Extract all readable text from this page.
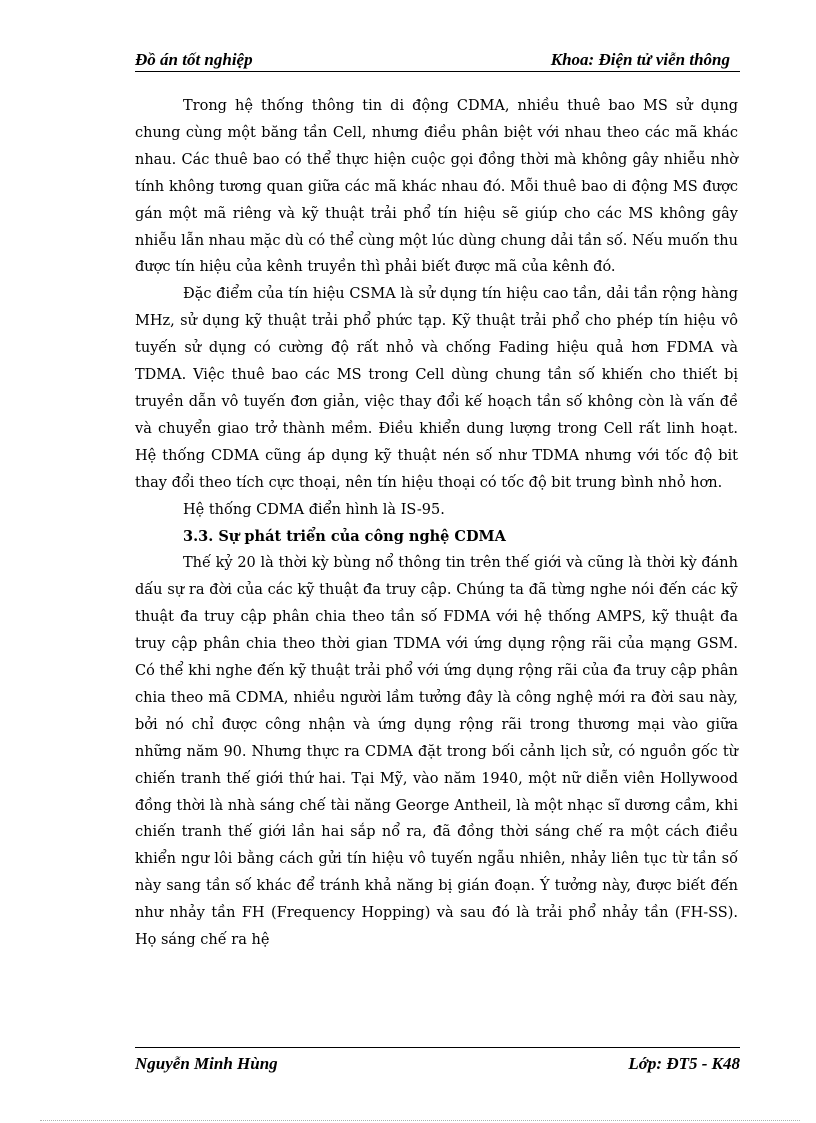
Đồ án tốt nghiệp	Khoa: Điện tử viễn thông

Trong hệ thống thông tin di động CDMA, nhiều thuê bao MS sử dụng chung cùng một băng tần Cell, nhưng điều phân biệt với nhau theo các mã khác nhau. Các thuê bao có thể thực hiện cuộc gọi đồng thời mà không gây nhiễu nhờ tính không tương quan giữa các mã khác nhau đó. Mỗi thuê bao di động MS được gán một mã riêng và kỹ thuật trải phổ tín hiệu sẽ giúp cho các MS không gây nhiễu lẫn nhau mặc dù có thể cùng một lúc dùng chung dải tần số. Nếu muốn thu được tín hiệu của kênh truyền thì phải biết được mã của kênh đó.

Đặc điểm của tín hiệu CSMA là sử dụng tín hiệu cao tần, dải tần rộng hàng MHz, sử dụng kỹ thuật trải phổ phức tạp. Kỹ thuật trải phổ cho phép tín hiệu vô tuyến sử dụng có cường độ rất nhỏ và chống Fading hiệu quả hơn FDMA và TDMA. Việc thuê bao các MS trong Cell dùng chung tần số khiến cho thiết bị truyền dẫn vô tuyến đơn giản, việc thay đổi kế hoạch tần số không còn là vấn đề và chuyển giao trở thành mềm. Điều khiển dung lượng trong Cell rất linh hoạt. Hệ thống CDMA cũng áp dụng kỹ thuật nén số như TDMA nhưng với tốc độ bit thay đổi theo tích cực thoại, nên tín hiệu thoại có tốc độ bit trung bình nhỏ hơn.

Hệ thống CDMA điển hình là IS-95.

3.3. Sự phát triển của công nghệ CDMA

Thế kỷ 20 là thời kỳ bùng nổ thông tin trên thế giới và cũng là thời kỳ đánh dấu sự ra đời của các kỹ thuật đa truy cập. Chúng ta đã từng nghe nói đến các kỹ thuật đa truy cập phân chia theo tần số FDMA với hệ thống AMPS, kỹ thuật đa truy cập phân chia theo thời gian TDMA với ứng dụng rộng rãi của mạng GSM. Có thể khi nghe đến kỹ thuật trải phổ với ứng dụng rộng rãi của đa truy cập phân chia theo mã CDMA, nhiều người lầm tưởng đây là công nghệ mới ra đời sau này, bởi nó chỉ được công nhận và ứng dụng rộng rãi trong thương mại vào giữa những năm 90. Nhưng thực ra CDMA đặt trong bối cảnh lịch sử, có nguồn gốc từ chiến tranh thế giới thứ hai. Tại Mỹ, vào năm 1940, một nữ diễn viên Hollywood đồng thời là nhà sáng chế tài năng George Antheil, là một nhạc sĩ dương cầm, khi chiến tranh thế giới lần hai sắp nổ ra, đã đồng thời sáng chế ra một cách điều khiển ngư lôi bằng cách gửi tín hiệu vô tuyến ngẫu nhiên, nhảy liên tục từ tần số này sang tần số khác để tránh khả năng bị gián đoạn. Ý tưởng này, được biết đến như nhảy tần FH (Frequency Hopping) và sau đó là trải phổ nhảy tần (FH-SS). Họ sáng chế ra hệ

Nguyễn Minh Hùng	Lớp: ĐT5 - K48
